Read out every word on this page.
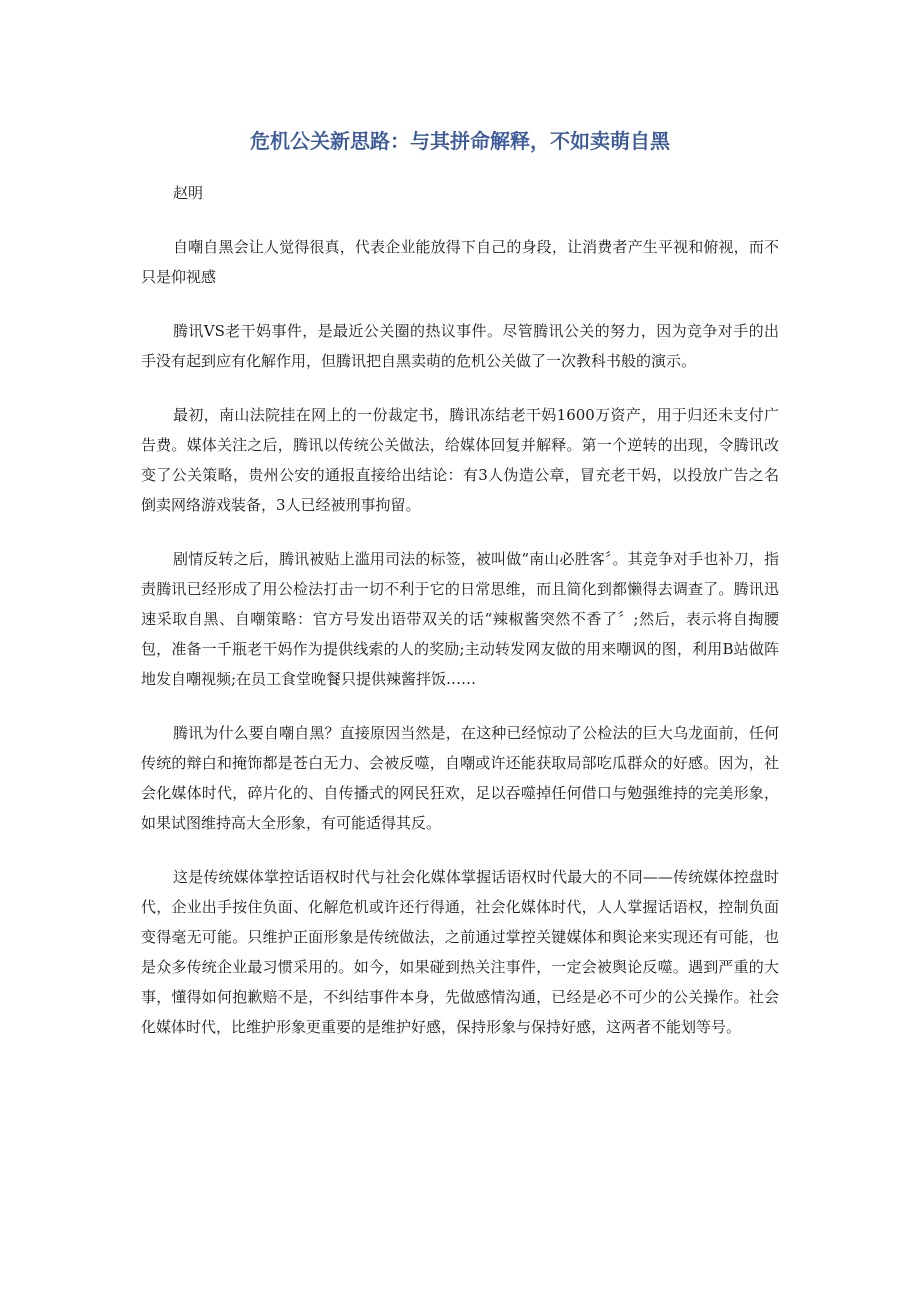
危机公关新思路：与其拼命解释，不如卖萌自黑

赵明

自嘲自黑会让人觉得很真，代表企业能放得下自己的身段，让消费者产生平视和俯视，而不只是仰视感

腾讯VS老干妈事件，是最近公关圈的热议事件。尽管腾讯公关的努力，因为竞争对手的出手没有起到应有化解作用，但腾讯把自黑卖萌的危机公关做了一次教科书般的演示。

最初，南山法院挂在网上的一份裁定书，腾讯冻结老干妈1600万资产，用于归还未支付广告费。媒体关注之后，腾讯以传统公关做法，给媒体回复并解释。第一个逆转的出现，令腾讯改变了公关策略，贵州公安的通报直接给出结论：有3人伪造公章，冒充老干妈，以投放广告之名倒卖网络游戏装备，3人已经被刑事拘留。

剧情反转之后，腾讯被贴上滥用司法的标签，被叫做“南山必胜客〞。其竞争对手也补刀，指责腾讯已经形成了用公检法打击一切不利于它的日常思维，而且简化到都懒得去调查了。腾讯迅速采取自黑、自嘲策略：官方号发出语带双关的话“辣椒酱突然不香了〞;然后，表示将自掏腰包，准备一千瓶老干妈作为提供线索的人的奖励;主动转发网友做的用来嘲讽的图，利用B站做阵地发自嘲视频;在员工食堂晚餐只提供辣酱拌饭……

腾讯为什么要自嘲自黑？直接原因当然是，在这种已经惊动了公检法的巨大乌龙面前，任何传统的辩白和掩饰都是苍白无力、会被反噬，自嘲或许还能获取局部吃瓜群众的好感。因为，社会化媒体时代，碎片化的、自传播式的网民狂欢，足以吞噬掉任何借口与勉强维持的完美形象，如果试图维持高大全形象，有可能适得其反。

这是传统媒体掌控话语权时代与社会化媒体掌握话语权时代最大的不同——传统媒体控盘时代，企业出手按住负面、化解危机或许还行得通，社会化媒体时代，人人掌握话语权，控制负面变得毫无可能。只维护正面形象是传统做法，之前通过掌控关键媒体和舆论来实现还有可能，也是众多传统企业最习惯采用的。如今，如果碰到热关注事件，一定会被舆论反噬。遇到严重的大事，懂得如何抱歉赔不是，不纠结事件本身，先做感情沟通，已经是必不可少的公关操作。社会化媒体时代，比维护形象更重要的是维护好感，保持形象与保持好感，这两者不能划等号。
